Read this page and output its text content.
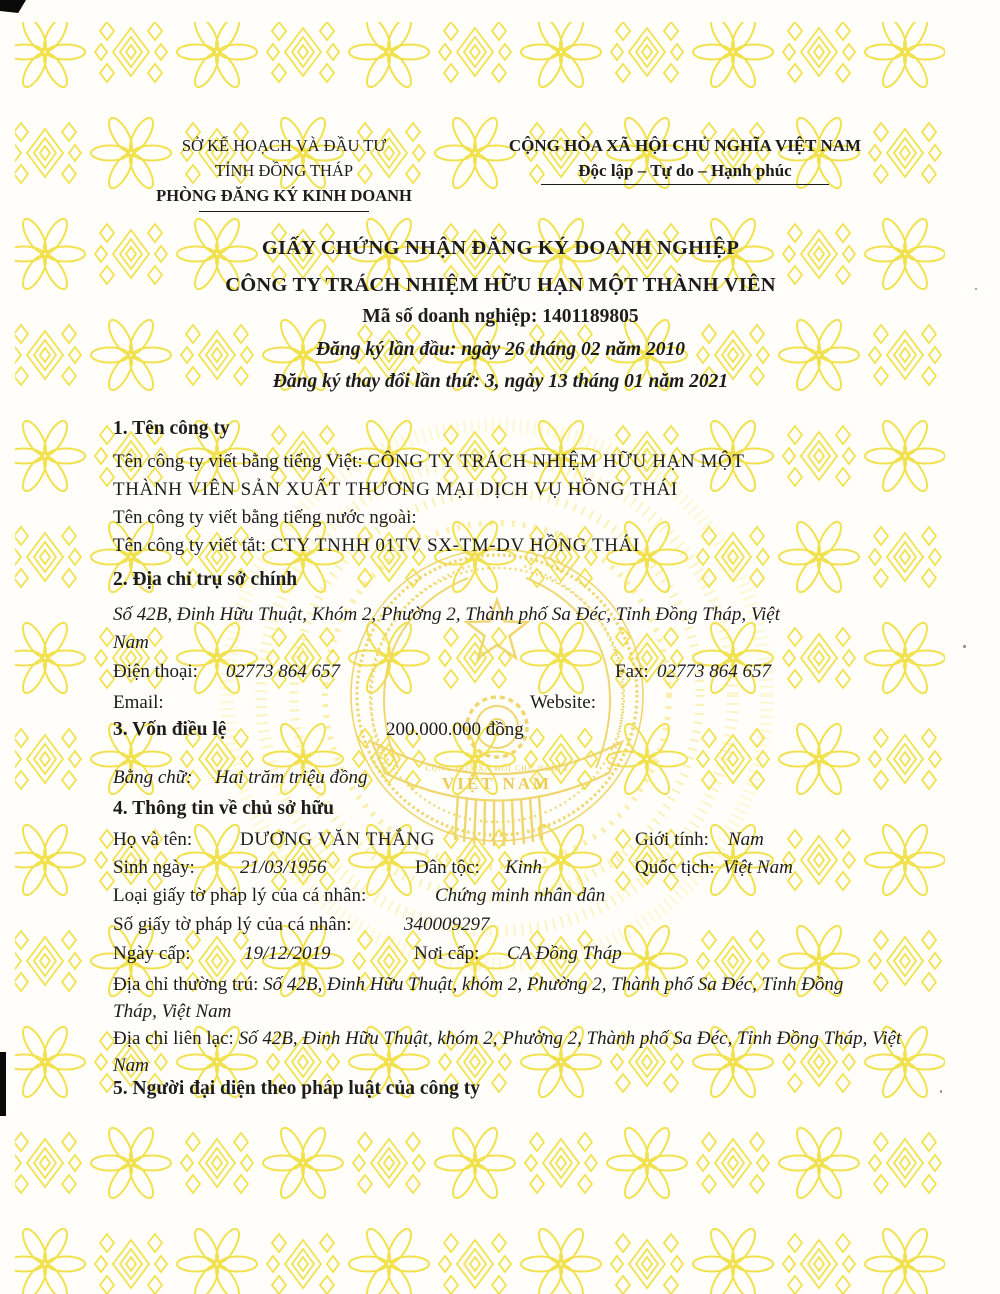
CỘNG HÒA XÃ HỘI CHỦ NGHĨA
VIỆT NAM
SỞ KẾ HOẠCH VÀ ĐẦU TƯ
TỈNH ĐỒNG THÁP
PHÒNG ĐĂNG KÝ KINH DOANH
CỘNG HÒA XÃ HỘI CHỦ NGHĨA VIỆT NAM
Độc lập – Tự do – Hạnh phúc
GIẤY CHỨNG NHẬN ĐĂNG KÝ DOANH NGHIỆP
CÔNG TY TRÁCH NHIỆM HỮU HẠN MỘT THÀNH VIÊN
Mã số doanh nghiệp: 1401189805
Đăng ký lần đầu: ngày 26 tháng 02 năm 2010
Đăng ký thay đổi lần thứ: 3, ngày 13 tháng 01 năm 2021
1. Tên công ty
Tên công ty viết bằng tiếng Việt: CÔNG TY TRÁCH NHIỆM HỮU HẠN MỘT THÀNH VIÊN SẢN XUẤT THƯƠNG MẠI DỊCH VỤ HỒNG THÁI
Tên công ty viết bằng tiếng nước ngoài:
Tên công ty viết tắt: CTY TNHH 01TV SX-TM-DV HỒNG THÁI
2. Địa chỉ trụ sở chính
Số 42B, Đinh Hữu Thuật, Khóm 2, Phường 2, Thành phố Sa Đéc, Tỉnh Đồng Tháp, Việt Nam
Điện thoại: 02773 864 657	Fax: 02773 864 657
Email:	Website:
3. Vốn điều lệ	200.000.000 đồng
Bằng chữ: Hai trăm triệu đồng
4. Thông tin về chủ sở hữu
Họ và tên:	DƯƠNG VĂN THẮNG	Giới tính: Nam
Sinh ngày: 21/03/1956	Dân tộc: Kinh	Quốc tịch: Việt Nam
Loại giấy tờ pháp lý của cá nhân:	Chứng minh nhân dân
Số giấy tờ pháp lý của cá nhân:	340009297
Ngày cấp:	19/12/2019	Nơi cấp: CA Đồng Tháp
Địa chỉ thường trú: Số 42B, Đinh Hữu Thuật, khóm 2, Phường 2, Thành phố Sa Đéc, Tỉnh Đồng Tháp, Việt Nam
Địa chỉ liên lạc: Số 42B, Đinh Hữu Thuật, khóm 2, Phường 2, Thành phố Sa Đéc, Tỉnh Đồng Tháp, Việt Nam
5. Người đại diện theo pháp luật của công ty
